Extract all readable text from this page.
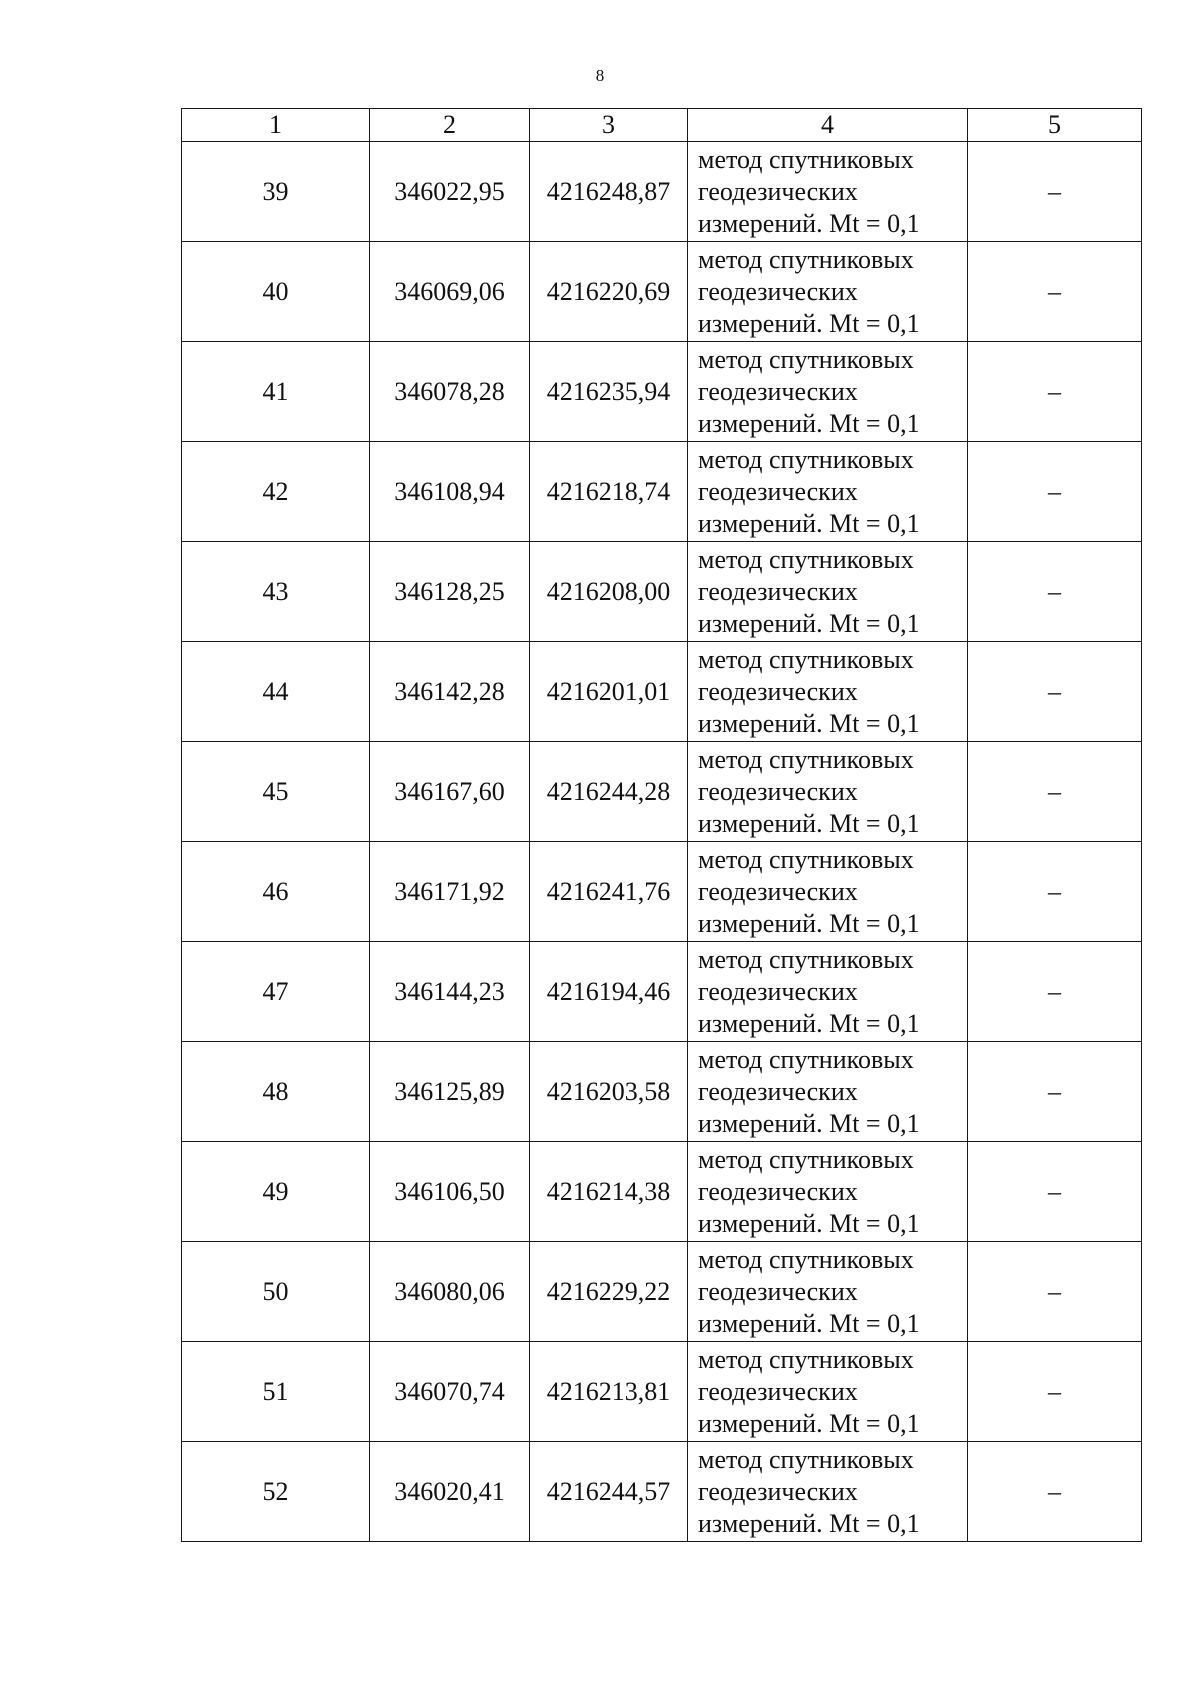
8
1	2	3	4	5
39	346022,95	4216248,87	метод спутниковых
геодезических
измерений. Mt = 0,1	–
40	346069,06	4216220,69	метод спутниковых
геодезических
измерений. Mt = 0,1	–
41	346078,28	4216235,94	метод спутниковых
геодезических
измерений. Mt = 0,1	–
42	346108,94	4216218,74	метод спутниковых
геодезических
измерений. Mt = 0,1	–
43	346128,25	4216208,00	метод спутниковых
геодезических
измерений. Mt = 0,1	–
44	346142,28	4216201,01	метод спутниковых
геодезических
измерений. Mt = 0,1	–
45	346167,60	4216244,28	метод спутниковых
геодезических
измерений. Mt = 0,1	–
46	346171,92	4216241,76	метод спутниковых
геодезических
измерений. Mt = 0,1	–
47	346144,23	4216194,46	метод спутниковых
геодезических
измерений. Mt = 0,1	–
48	346125,89	4216203,58	метод спутниковых
геодезических
измерений. Mt = 0,1	–
49	346106,50	4216214,38	метод спутниковых
геодезических
измерений. Mt = 0,1	–
50	346080,06	4216229,22	метод спутниковых
геодезических
измерений. Mt = 0,1	–
51	346070,74	4216213,81	метод спутниковых
геодезических
измерений. Mt = 0,1	–
52	346020,41	4216244,57	метод спутниковых
геодезических
измерений. Mt = 0,1	–
